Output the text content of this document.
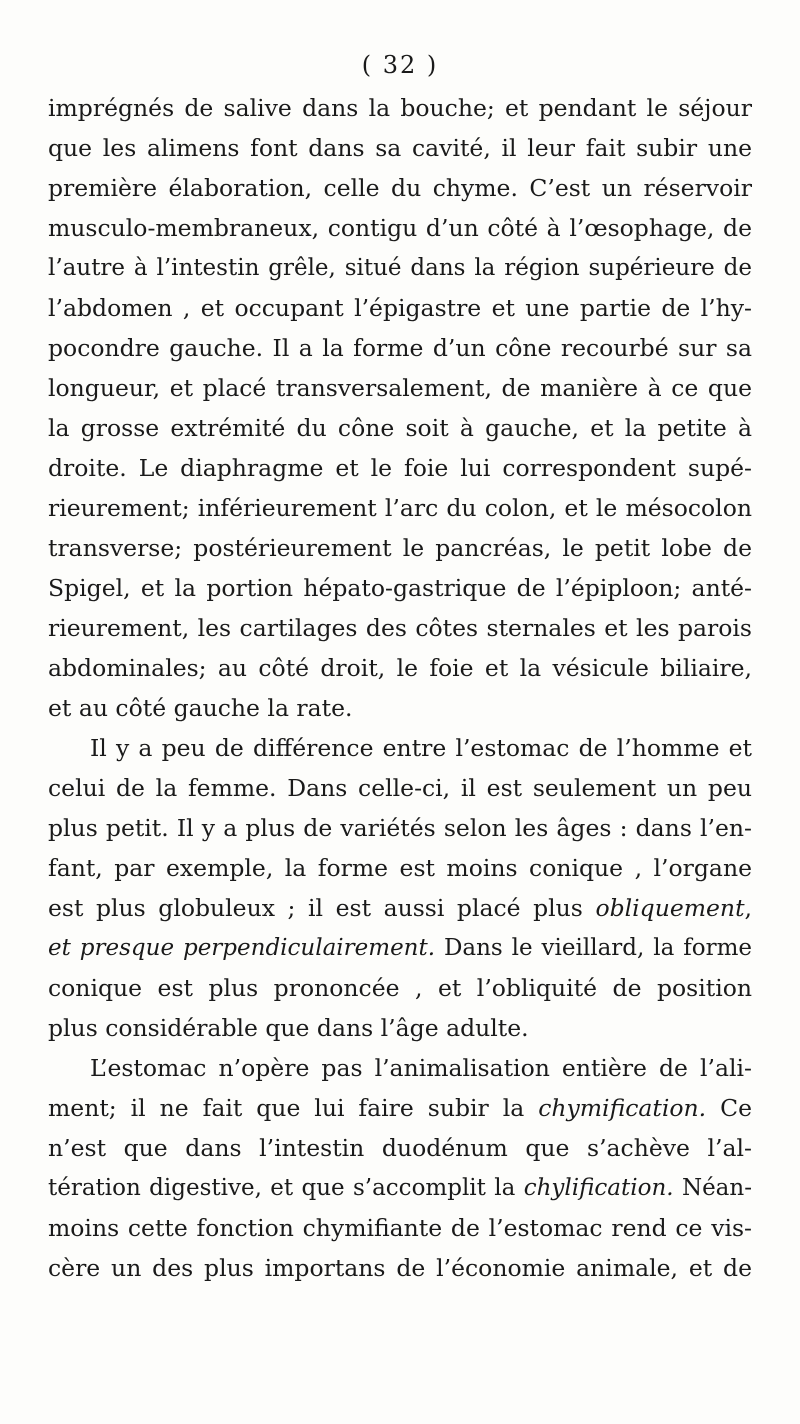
( 32 )
imprégnés de salive dans la bouche; et pendant le séjour
que les alimens font dans sa cavité, il leur fait subir une
première élaboration, celle du chyme. C’est un réservoir
musculo-membraneux, contigu d’un côté à l’œsophage, de
l’autre à l’intestin grêle, situé dans la région supérieure de
l’abdomen , et occupant l’épigastre et une partie de l’hy-
pocondre gauche. Il a la forme d’un cône recourbé sur sa
longueur, et placé transversalement, de manière à ce que
la grosse extrémité du cône soit à gauche, et la petite à
droite. Le diaphragme et le foie lui correspondent supé-
rieurement; inférieurement l’arc du colon, et le mésocolon
transverse; postérieurement le pancréas, le petit lobe de
Spigel, et la portion hépato-gastrique de l’épiploon; anté-
rieurement, les cartilages des côtes sternales et les parois
abdominales; au côté droit, le foie et la vésicule biliaire,
et au côté gauche la rate.
Il y a peu de différence entre l’estomac de l’homme et
celui de la femme. Dans celle-ci, il est seulement un peu
plus petit. Il y a plus de variétés selon les âges : dans l’en-
fant, par exemple, la forme est moins conique , l’organe
est plus globuleux ; il est aussi placé plus obliquement,
et presque perpendiculairement. Dans le vieillard, la forme
conique est plus prononcée , et l’obliquité de position
plus considérable que dans l’âge adulte.
L’estomac n’opère pas l’animalisation entière de l’ali-
ment; il ne fait que lui faire subir la chymification. Ce
n’est que dans l’intestin duodénum que s’achève l’al-
tération digestive, et que s’accomplit la chylification. Néan-
moins cette fonction chymifiante de l’estomac rend ce vis-
cère un des plus importans de l’économie animale, et de
